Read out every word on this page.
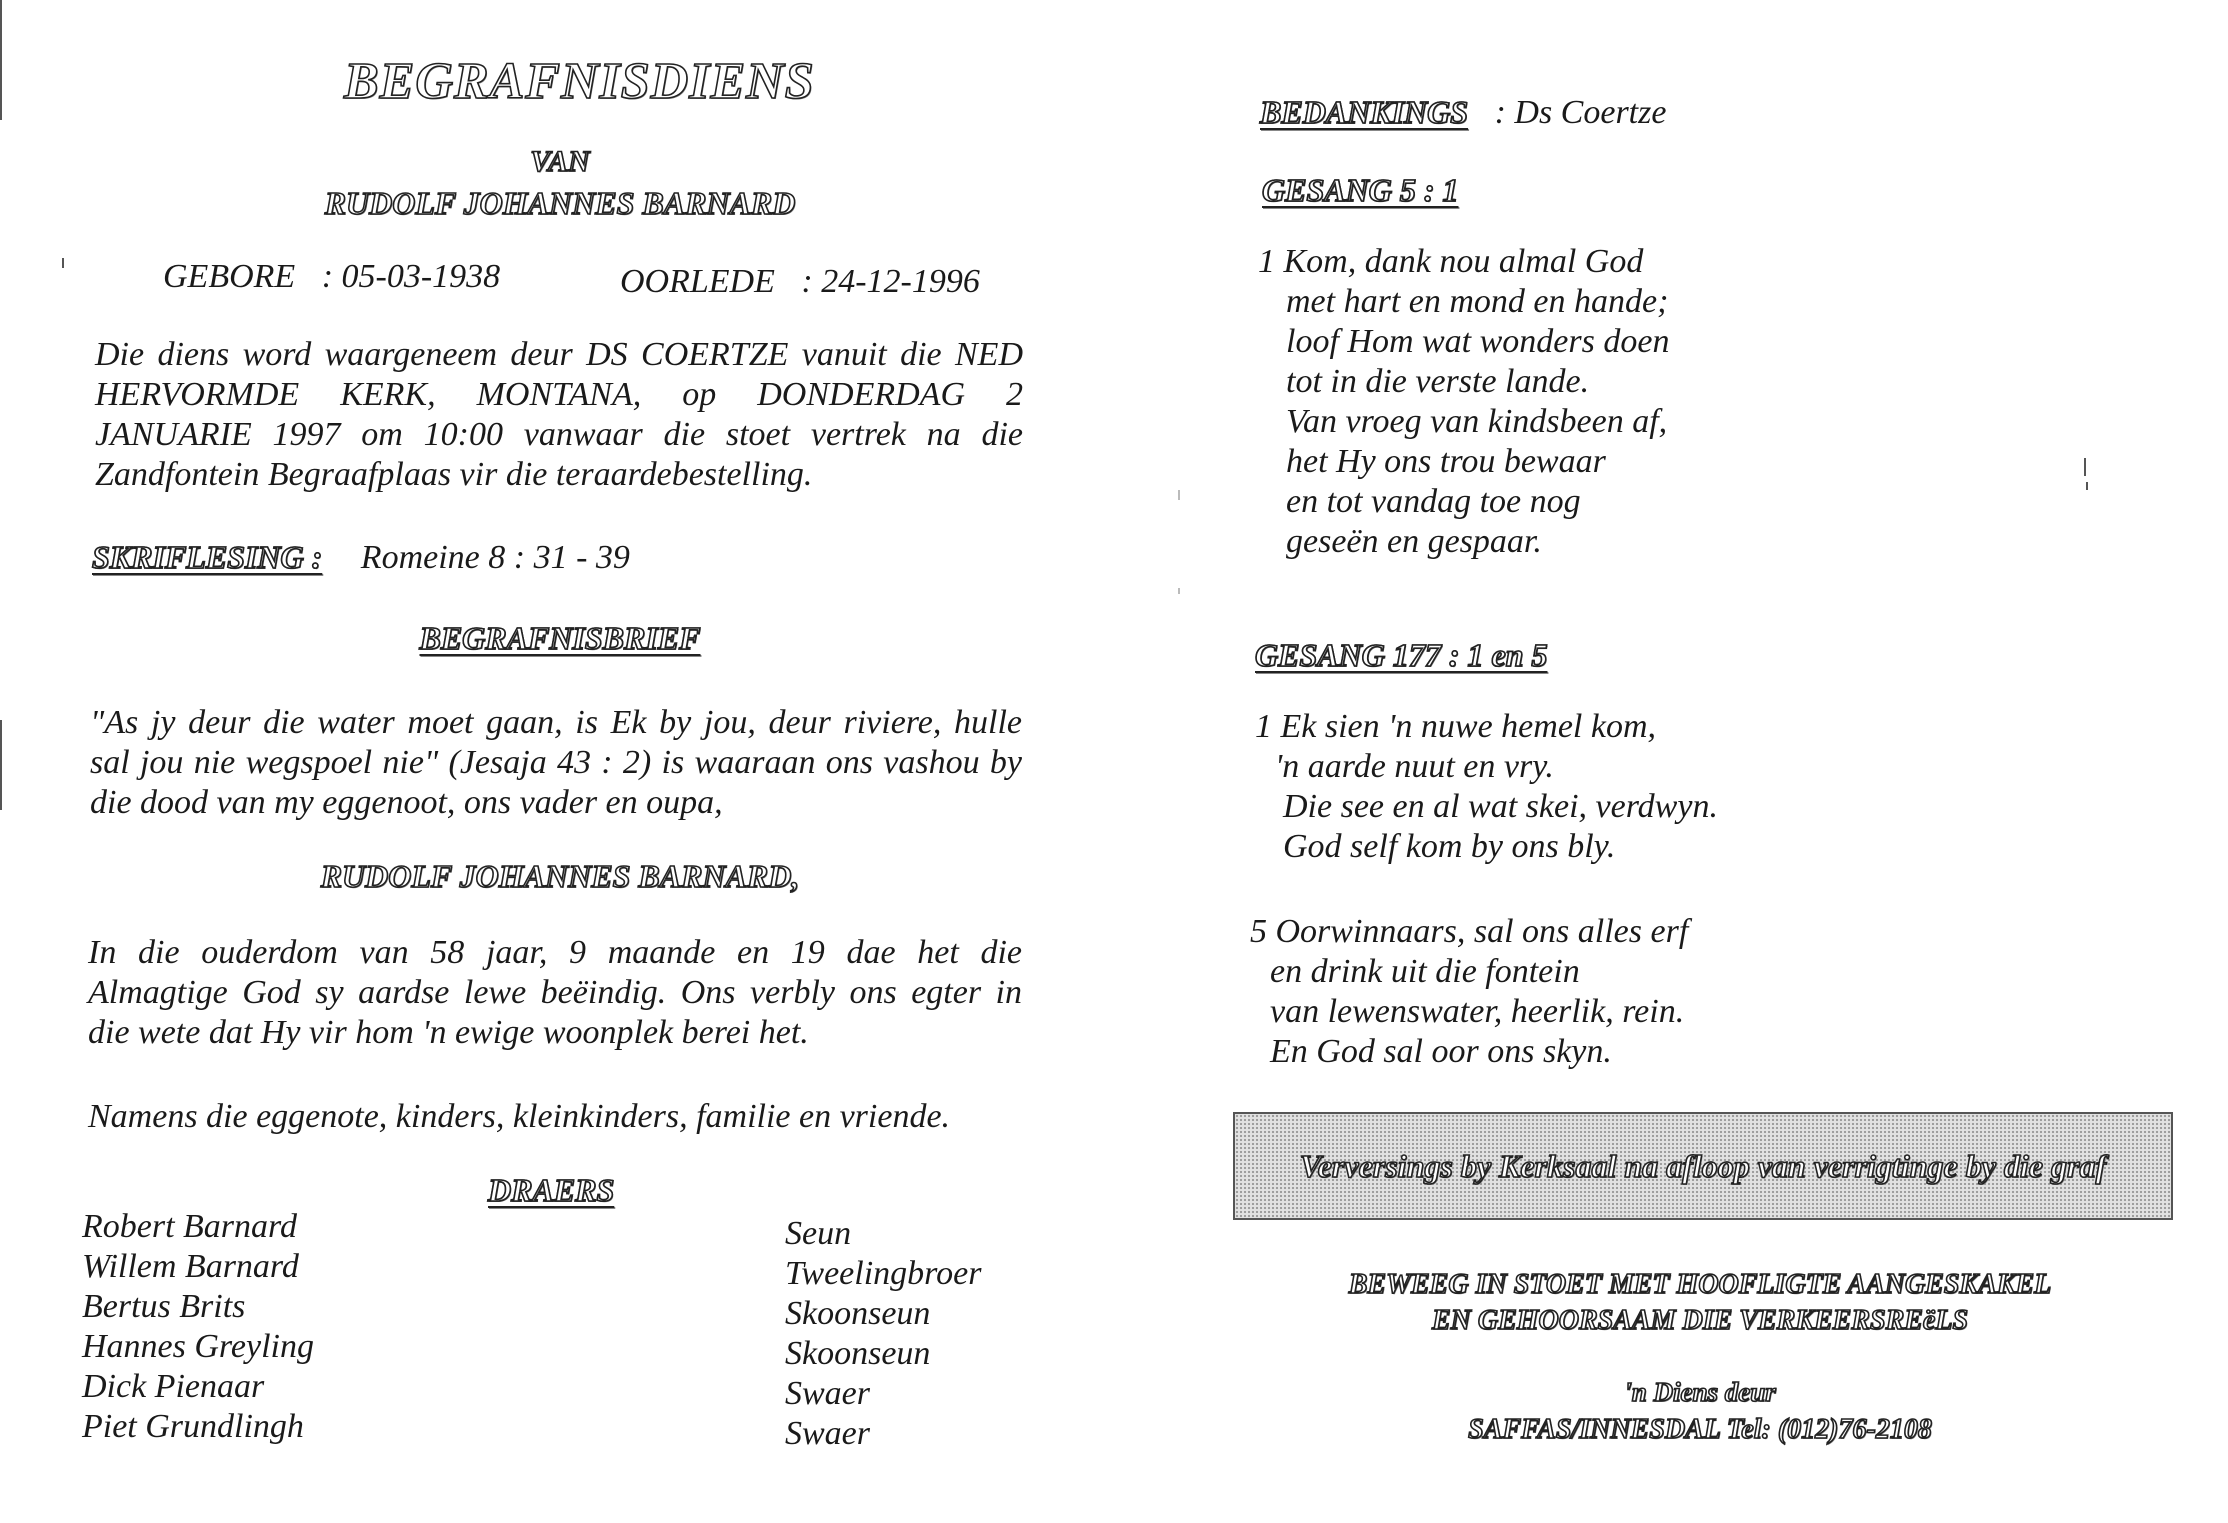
BEGRAFNISDIENS
VAN
RUDOLF JOHANNES BARNARD
GEBORE : 05-03-1938	OORLEDE : 24-12-1996
Die diens word waargeneem deur DS COERTZE vanuit die NED
HERVORMDE KERK, MONTANA, op DONDERDAG 2
JANUARIE 1997 om 10:00 vanwaar die stoet vertrek na die
Zandfontein Begraafplaas vir die teraardebestelling.
SKRIFLESING : Romeine 8 : 31 - 39
BEGRAFNISBRIEF
"As jy deur die water moet gaan, is Ek by jou, deur riviere, hulle
sal jou nie wegspoel nie" (Jesaja 43 : 2) is waaraan ons vashou by
die dood van my eggenoot, ons vader en oupa,
RUDOLF JOHANNES BARNARD,
In die ouderdom van 58 jaar, 9 maande en 19 dae het die
Almagtige God sy aardse lewe beëindig. Ons verbly ons egter in
die wete dat Hy vir hom 'n ewige woonplek berei het.
Namens die eggenote, kinders, kleinkinders, familie en vriende.
DRAERS
Robert Barnard
Willem Barnard
Bertus Brits
Hannes Greyling
Dick Pienaar
Piet Grundlingh
Seun
Tweelingbroer
Skoonseun
Skoonseun
Swaer
Swaer
BEDANKINGS : Ds Coertze
GESANG 5 : 1
1 Kom, dank nou almal God
met hart en mond en hande;
loof Hom wat wonders doen
tot in die verste lande.
Van vroeg van kindsbeen af,
het Hy ons trou bewaar
en tot vandag toe nog
geseën en gespaar.
GESANG 177 : 1 en 5
1 Ek sien 'n nuwe hemel kom,
'n aarde nuut en vry.
Die see en al wat skei, verdwyn.
God self kom by ons bly.
5 Oorwinnaars, sal ons alles erf
en drink uit die fontein
van lewenswater, heerlik, rein.
En God sal oor ons skyn.
Verversings by Kerksaal na afloop van verrigtinge by die graf
BEWEEG IN STOET MET HOOFLIGTE AANGESKAKEL
EN GEHOORSAAM DIE VERKEERSREëLS
'n Diens deur
SAFFAS/INNESDAL Tel: (012)76-2108
